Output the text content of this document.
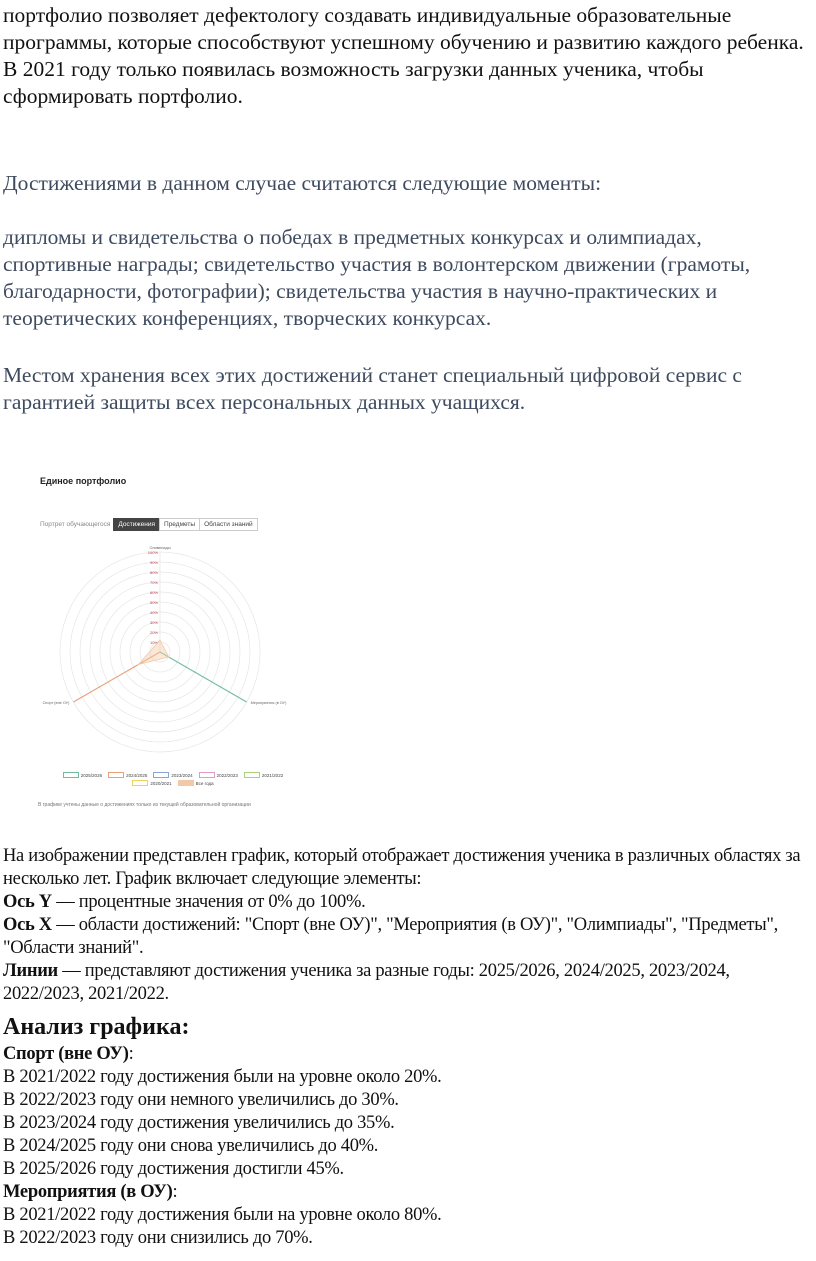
портфолио позволяет дефектологу создавать индивидуальные образовательные программы, которые способствуют успешному обучению и развитию каждого ребенка.
В 2021 году только появилась возможность загрузки данных ученика, чтобы сформировать портфолио.

Достижениями в данном случае считаются следующие моменты:

дипломы и свидетельства о победах в предметных конкурсах и олимпиадах, спортивные награды; свидетельство участия в волонтерском движении (грамоты, благодарности, фотографии); свидетельства участия в научно-практических и теоретических конференциях, творческих конкурсах.

Местом хранения всех этих достижений станет специальный цифровой сервис с гарантией защиты всех персональных данных учащихся.

Единое портфолио
Портрет обучающегося	Достижения	Предметы	Области знаний
100%
90%
80%
70%
60%
50%
40%
30%
20%
10%
Олимпиады
Мероприятия (в ОУ)
Спорт (вне ОУ)
2025/2026	2024/2025	2023/2024	2022/2023	2021/2022
2020/2021	Все года
В графике учтены данные о достижениях только из текущей образовательной организации
На изображении представлен график, который отображает достижения ученика в различных областях за несколько лет. График включает следующие элементы:
Ось Y — процентные значения от 0% до 100%.
Ось X — области достижений: "Спорт (вне ОУ)", "Мероприятия (в ОУ)", "Олимпиады", "Предметы", "Области знаний".
Линии — представляют достижения ученика за разные годы: 2025/2026, 2024/2025, 2023/2024, 2022/2023, 2021/2022.
Анализ графика:
Спорт (вне ОУ):
В 2021/2022 году достижения были на уровне около 20%.
В 2022/2023 году они немного увеличились до 30%.
В 2023/2024 году достижения увеличились до 35%.
В 2024/2025 году они снова увеличились до 40%.
В 2025/2026 году достижения достигли 45%.
Мероприятия (в ОУ):
В 2021/2022 году достижения были на уровне около 80%.
В 2022/2023 году они снизились до 70%.
